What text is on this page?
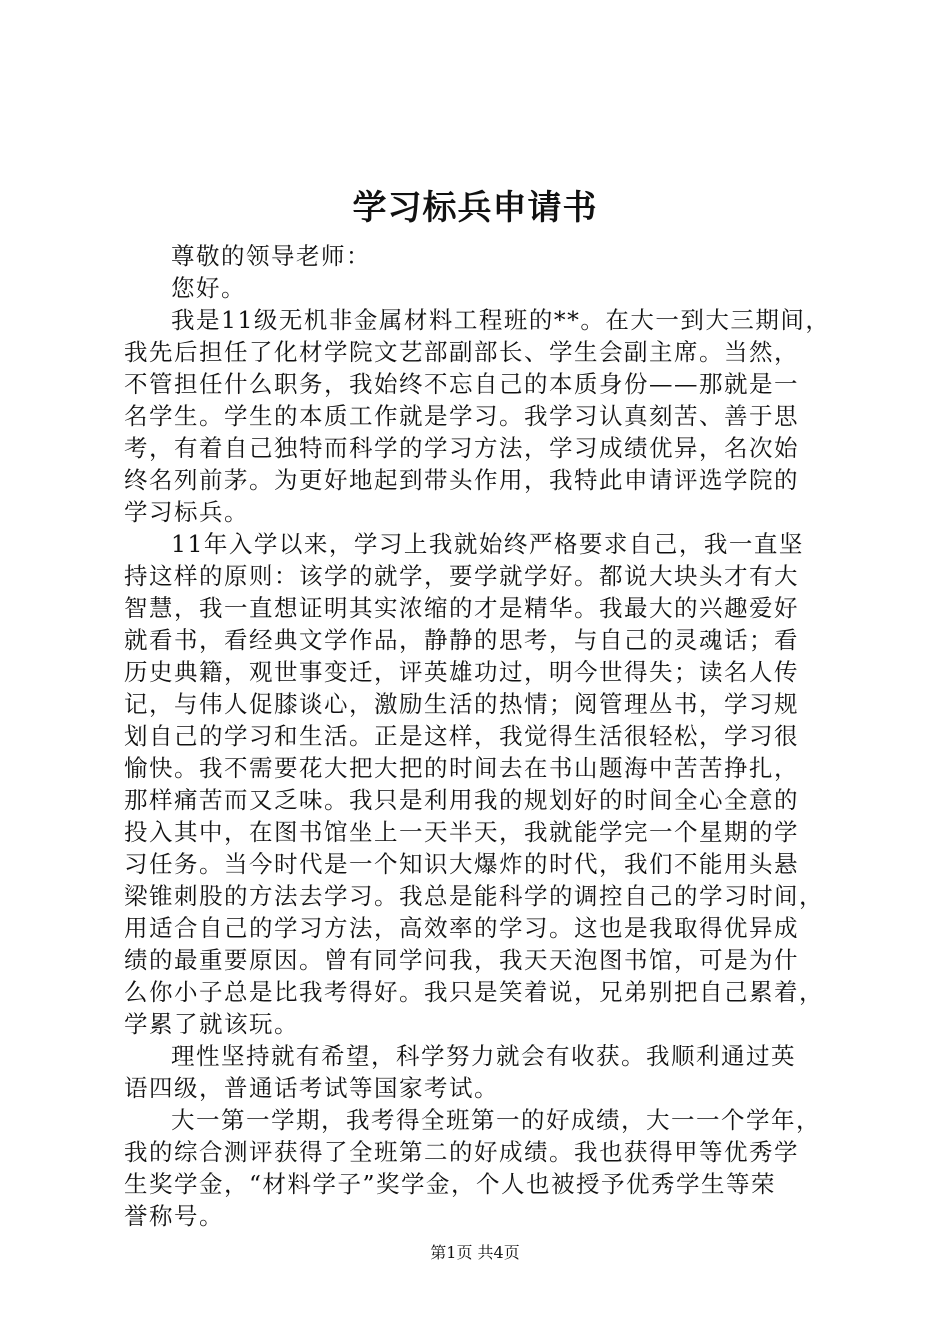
学习标兵申请书
尊敬的领导老师：
您好。
我是11级无机非金属材料工程班的**。在大一到大三期间，
我先后担任了化材学院文艺部副部长、学生会副主席。当然，
不管担任什么职务，我始终不忘自己的本质身份——那就是一
名学生。学生的本质工作就是学习。我学习认真刻苦、善于思
考，有着自己独特而科学的学习方法，学习成绩优异，名次始
终名列前茅。为更好地起到带头作用，我特此申请评选学院的
学习标兵。
11年入学以来，学习上我就始终严格要求自己，我一直坚
持这样的原则：该学的就学，要学就学好。都说大块头才有大
智慧，我一直想证明其实浓缩的才是精华。我最大的兴趣爱好
就看书，看经典文学作品，静静的思考，与自己的灵魂话；看
历史典籍，观世事变迁，评英雄功过，明今世得失；读名人传
记，与伟人促膝谈心，激励生活的热情；阅管理丛书，学习规
划自己的学习和生活。正是这样，我觉得生活很轻松，学习很
愉快。我不需要花大把大把的时间去在书山题海中苦苦挣扎，
那样痛苦而又乏味。我只是利用我的规划好的时间全心全意的
投入其中，在图书馆坐上一天半天，我就能学完一个星期的学
习任务。当今时代是一个知识大爆炸的时代，我们不能用头悬
梁锥刺股的方法去学习。我总是能科学的调控自己的学习时间，
用适合自己的学习方法，高效率的学习。这也是我取得优异成
绩的最重要原因。曾有同学问我，我天天泡图书馆，可是为什
么你小子总是比我考得好。我只是笑着说，兄弟别把自己累着，
学累了就该玩。
理性坚持就有希望，科学努力就会有收获。我顺利通过英
语四级，普通话考试等国家考试。
大一第一学期，我考得全班第一的好成绩，大一一个学年，
我的综合测评获得了全班第二的好成绩。我也获得甲等优秀学
生奖学金，“材料学子”奖学金，个人也被授予优秀学生等荣
誉称号。
第1页 共4页
